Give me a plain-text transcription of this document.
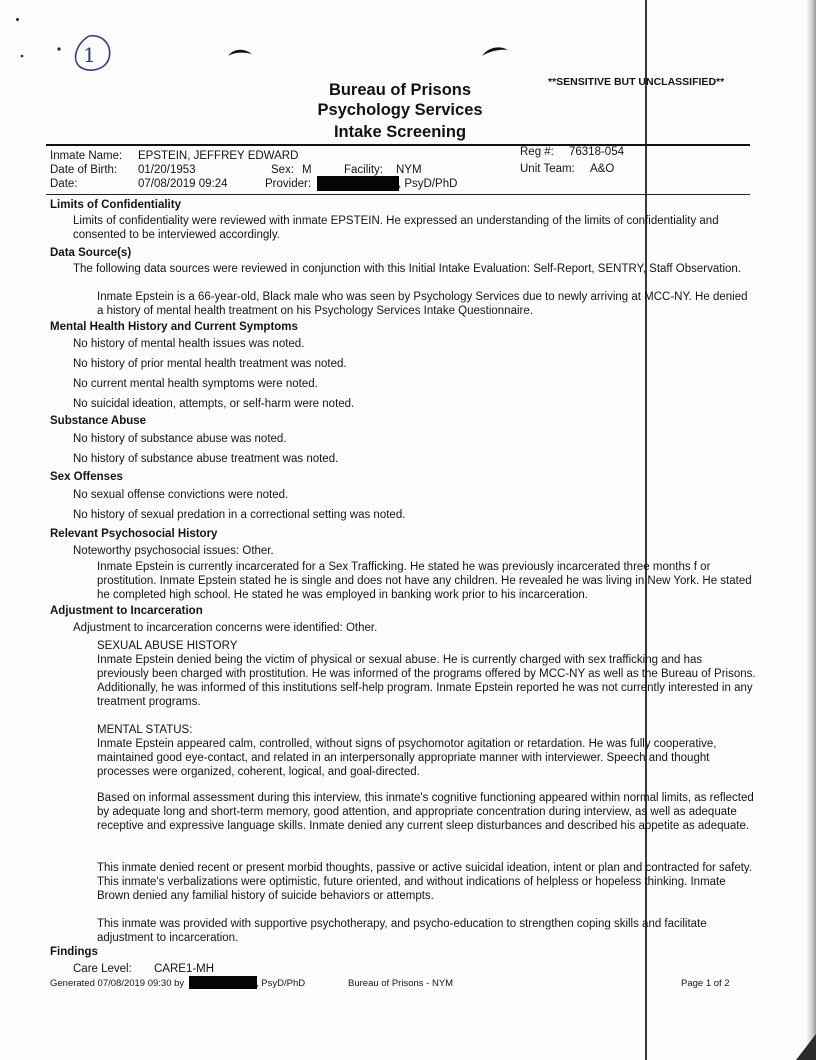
1
Bureau of Prisons
Psychology Services
Intake Screening
**SENSITIVE BUT UNCLASSIFIED**
Inmate Name: EPSTEIN, JEFFREY EDWARD
Date of Birth: 01/20/1953
Date:	07/08/2019 09:24
Sex: M	Facility: NYM
Provider:	, PsyD/PhD
Reg #: 76318-054
Unit Team: A&O
Limits of Confidentiality
Limits of confidentiality were reviewed with inmate EPSTEIN. He expressed an understanding of the limits of confidentiality and consented to be interviewed accordingly.
Data Source(s)
The following data sources were reviewed in conjunction with this Initial Intake Evaluation: Self-Report, SENTRY, Staff Observation.
Inmate Epstein is a 66-year-old, Black male who was seen by Psychology Services due to newly arriving at MCC-NY. He denied a history of mental health treatment on his Psychology Services Intake Questionnaire.
Mental Health History and Current Symptoms
No history of mental health issues was noted.
No history of prior mental health treatment was noted.
No current mental health symptoms were noted.
No suicidal ideation, attempts, or self-harm were noted.
Substance Abuse
No history of substance abuse was noted.
No history of substance abuse treatment was noted.
Sex Offenses
No sexual offense convictions were noted.
No history of sexual predation in a correctional setting was noted.
Relevant Psychosocial History
Noteworthy psychosocial issues: Other.
Inmate Epstein is currently incarcerated for a Sex Trafficking. He stated he was previously incarcerated three months f or prostitution. Inmate Epstein stated he is single and does not have any children. He revealed he was living in New York. He stated he completed high school. He stated he was employed in banking work prior to his incarceration.
Adjustment to Incarceration
Adjustment to incarceration concerns were identified: Other.
SEXUAL ABUSE HISTORY
Inmate Epstein denied being the victim of physical or sexual abuse. He is currently charged with sex trafficking and has previously been charged with prostitution. He was informed of the programs offered by MCC-NY as well as the Bureau of Prisons. Additionally, he was informed of this institutions self-help program. Inmate Epstein reported he was not currently interested in any treatment programs.
MENTAL STATUS:
Inmate Epstein appeared calm, controlled, without signs of psychomotor agitation or retardation. He was fully cooperative, maintained good eye-contact, and related in an interpersonally appropriate manner with interviewer. Speech and thought processes were organized, coherent, logical, and goal-directed.
Based on informal assessment during this interview, this inmate's cognitive functioning appeared within normal limits, as reflected by adequate long and short-term memory, good attention, and appropriate concentration during interview, as well as adequate receptive and expressive language skills. Inmate denied any current sleep disturbances and described his appetite as adequate.
This inmate denied recent or present morbid thoughts, passive or active suicidal ideation, intent or plan and contracted for safety. This inmate's verbalizations were optimistic, future oriented, and without indications of helpless or hopeless thinking. Inmate Brown denied any familial history of suicide behaviors or attempts.
This inmate was provided with supportive psychotherapy, and psycho-education to strengthen coping skills and facilitate adjustment to incarceration.
Findings
Care Level: CARE1-MH
Generated 07/08/2019 09:30 by	, PsyD/PhD	Bureau of Prisons - NYM	Page 1 of 2
